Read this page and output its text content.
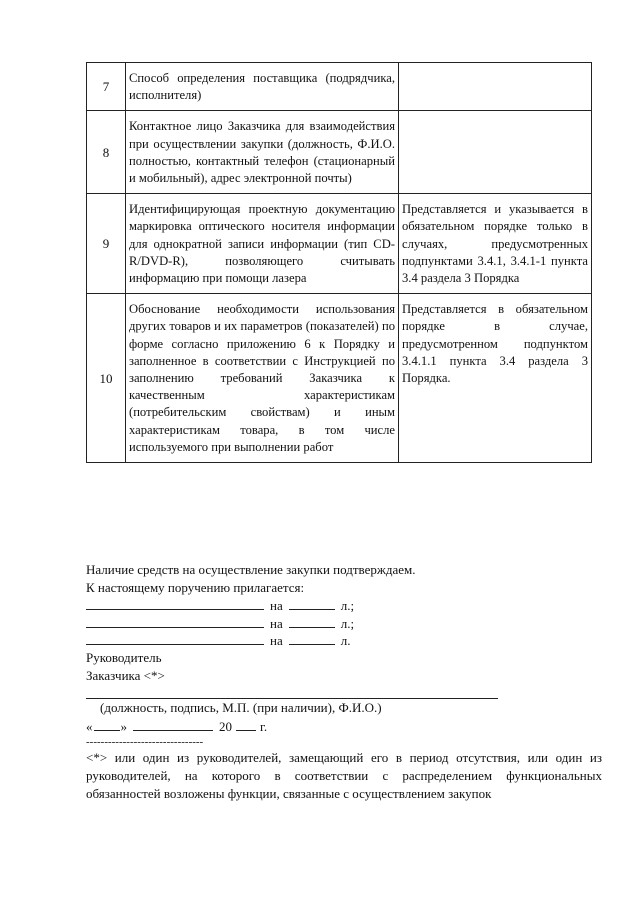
7	Способ определения поставщика (подрядчика, исполнителя)	
8	Контактное лицо Заказчика для взаимодействия при осуществлении закупки (должность, Ф.И.О. полностью, контактный телефон (стационарный и мобильный), адрес электронной почты)	
9	Идентифицирующая проектную документацию маркировка оптического носителя информации для однократной записи информации (тип CD-R/DVD-R), позволяющего считывать информацию при помощи лазера	Представляется и указывается в обязательном порядке только в случаях, предусмотренных подпунктами 3.4.1, 3.4.1-1 пункта 3.4 раздела 3 Порядка
10	Обоснование необходимости использования других товаров и их параметров (показателей) по форме согласно приложению 6 к Порядку и заполненное в соответствии с Инструкцией по заполнению требований Заказчика к качественным характеристикам (потребительским свойствам) и иным характеристикам товара, в том числе используемого при выполнении работ	Представляется в обязательном порядке в случае, предусмотренном подпунктом 3.4.1.1 пункта 3.4 раздела 3 Порядка.

Наличие средств на осуществление закупки подтверждаем.

К настоящему поручению прилагается:

на	л.;
на	л.;
на	л.

Руководитель

Заказчика <*>

(должность, подпись, М.П. (при наличии), Ф.И.О.)

« »	20 г.

--------------------------------

<*> или один из руководителей, замещающий его в период отсутствия, или один из руководителей, на которого в соответствии с распределением функциональных обязанностей возложены функции, связанные с осуществлением закупок
